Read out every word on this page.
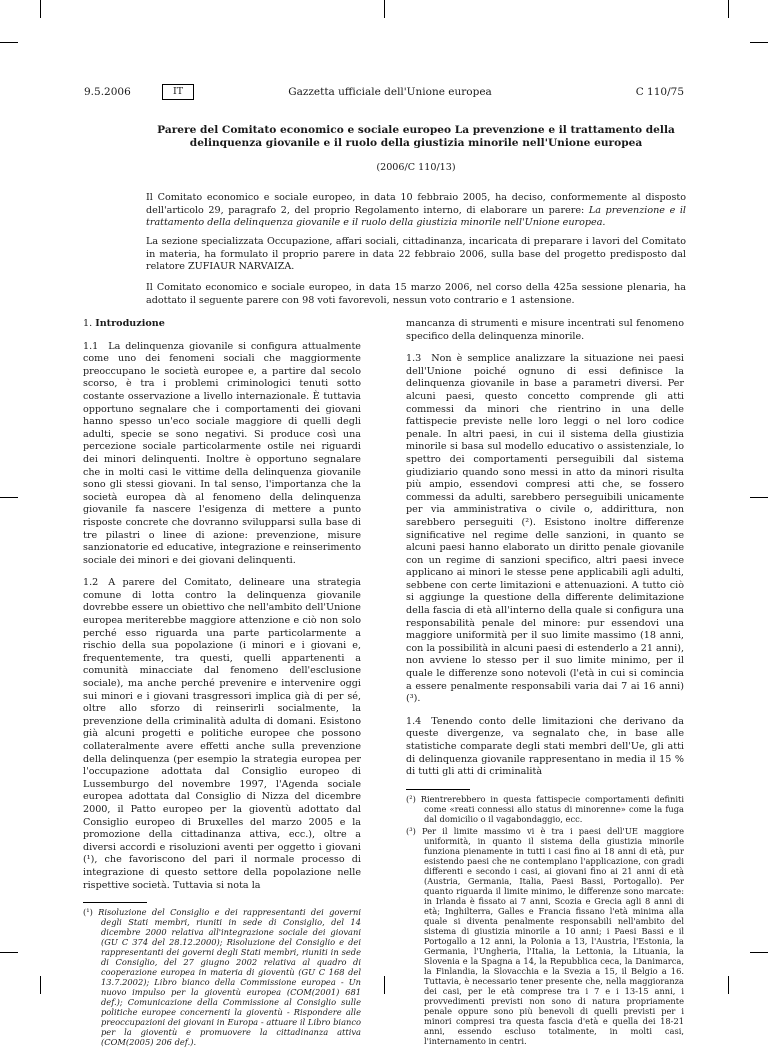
9.5.2006	IT	Gazzetta ufficiale dell'Unione europea	C 110/75
Parere del Comitato economico e sociale europeo La prevenzione e il trattamento della delinquenza giovanile e il ruolo della giustizia minorile nell'Unione europea
(2006/C 110/13)
Il Comitato economico e sociale europeo, in data 10 febbraio 2005, ha deciso, conformemente al disposto dell'articolo 29, paragrafo 2, del proprio Regolamento interno, di elaborare un parere: La prevenzione e il trattamento della delinquenza giovanile e il ruolo della giustizia minorile nell'Unione europea.
La sezione specializzata Occupazione, affari sociali, cittadinanza, incaricata di preparare i lavori del Comitato in materia, ha formulato il proprio parere in data 22 febbraio 2006, sulla base del progetto predisposto dal relatore ZUFIAUR NARVAIZA.
Il Comitato economico e sociale europeo, in data 15 marzo 2006, nel corso della 425a sessione plenaria, ha adottato il seguente parere con 98 voti favorevoli, nessun voto contrario e 1 astensione.
1. Introduzione

1.1 La delinquenza giovanile si configura attualmente come uno dei fenomeni sociali che maggiormente preoccupano le società europee e, a partire dal secolo scorso, è tra i problemi criminologici tenuti sotto costante osservazione a livello internazionale. È tuttavia opportuno segnalare che i comportamenti dei giovani hanno spesso un'eco sociale maggiore di quelli degli adulti, specie se sono negativi. Si produce così una percezione sociale particolarmente ostile nei riguardi dei minori delinquenti. Inoltre è opportuno segnalare che in molti casi le vittime della delinquenza giovanile sono gli stessi giovani. In tal senso, l'importanza che la società europea dà al fenomeno della delinquenza giovanile fa nascere l'esigenza di mettere a punto risposte concrete che dovranno svilupparsi sulla base di tre pilastri o linee di azione: prevenzione, misure sanzionatorie ed educative, integrazione e reinserimento sociale dei minori e dei giovani delinquenti.

1.2 A parere del Comitato, delineare una strategia comune di lotta contro la delinquenza giovanile dovrebbe essere un obiettivo che nell'ambito dell'Unione europea meriterebbe maggiore attenzione e ciò non solo perché esso riguarda una parte particolarmente a rischio della sua popolazione (i minori e i giovani e, frequentemente, tra questi, quelli appartenenti a comunità minacciate dal fenomeno dell'esclusione sociale), ma anche perché prevenire e intervenire oggi sui minori e i giovani trasgressori implica già di per sé, oltre allo sforzo di reinserirli socialmente, la prevenzione della criminalità adulta di domani. Esistono già alcuni progetti e politiche europee che possono collateralmente avere effetti anche sulla prevenzione della delinquenza (per esempio la strategia europea per l'occupazione adottata dal Consiglio europeo di Lussemburgo del novembre 1997, l'Agenda sociale europea adottata dal Consiglio di Nizza del dicembre 2000, il Patto europeo per la gioventù adottato dal Consiglio europeo di Bruxelles del marzo 2005 e la promozione della cittadinanza attiva, ecc.), oltre a diversi accordi e risoluzioni aventi per oggetto i giovani (¹), che favoriscono del pari il normale processo di integrazione di questo settore della popolazione nelle rispettive società. Tuttavia si nota la

(¹) Risoluzione del Consiglio e dei rappresentanti dei governi degli Stati membri, riuniti in sede di Consiglio, del 14 dicembre 2000 relativa all'integrazione sociale dei giovani (GU C 374 del 28.12.2000); Risoluzione del Consiglio e dei rappresentanti dei governi degli Stati membri, riuniti in sede di Consiglio, del 27 giugno 2002 relativa al quadro di cooperazione europea in materia di gioventù (GU C 168 del 13.7.2002); Libro bianco della Commissione europea - Un nuovo impulso per la gioventù europea (COM(2001) 681 def.); Comunicazione della Commissione al Consiglio sulle politiche europee concernenti la gioventù - Rispondere alle preoccupazioni dei giovani in Europa - attuare il Libro bianco per la gioventù e promuovere la cittadinanza attiva (COM(2005) 206 def.).

mancanza di strumenti e misure incentrati sul fenomeno specifico della delinquenza minorile.

1.3 Non è semplice analizzare la situazione nei paesi dell'Unione poiché ognuno di essi definisce la delinquenza giovanile in base a parametri diversi. Per alcuni paesi, questo concetto comprende gli atti commessi da minori che rientrino in una delle fattispecie previste nelle loro leggi o nel loro codice penale. In altri paesi, in cui il sistema della giustizia minorile si basa sul modello educativo o assistenziale, lo spettro dei comportamenti perseguibili dal sistema giudiziario quando sono messi in atto da minori risulta più ampio, essendovi compresi atti che, se fossero commessi da adulti, sarebbero perseguibili unicamente per via amministrativa o civile o, addirittura, non sarebbero perseguiti (²). Esistono inoltre differenze significative nel regime delle sanzioni, in quanto se alcuni paesi hanno elaborato un diritto penale giovanile con un regime di sanzioni specifico, altri paesi invece applicano ai minori le stesse pene applicabili agli adulti, sebbene con certe limitazioni e attenuazioni. A tutto ciò si aggiunge la questione della differente delimitazione della fascia di età all'interno della quale si configura una responsabilità penale del minore: pur essendovi una maggiore uniformità per il suo limite massimo (18 anni, con la possibilità in alcuni paesi di estenderlo a 21 anni), non avviene lo stesso per il suo limite minimo, per il quale le differenze sono notevoli (l'età in cui si comincia a essere penalmente responsabili varia dai 7 ai 16 anni) (³).

1.4 Tenendo conto delle limitazioni che derivano da queste divergenze, va segnalato che, in base alle statistiche comparate degli stati membri dell'Ue, gli atti di delinquenza giovanile rappresentano in media il 15 % di tutti gli atti di criminalità

(²) Rientrerebbero in questa fattispecie comportamenti definiti come «reati connessi allo status di minorenne» come la fuga dal domicilio o il vagabondaggio, ecc.
(³) Per il limite massimo vi è tra i paesi dell'UE maggiore uniformità, in quanto il sistema della giustizia minorile funziona pienamente in tutti i casi fino ai 18 anni di età, pur esistendo paesi che ne contemplano l'applicazione, con gradi differenti e secondo i casi, ai giovani fino ai 21 anni di età (Austria, Germania, Italia, Paesi Bassi, Portogallo). Per quanto riguarda il limite minimo, le differenze sono marcate: in Irlanda è fissato ai 7 anni, Scozia e Grecia agli 8 anni di età; Inghilterra, Galles e Francia fissano l'età minima alla quale si diventa penalmente responsabili nell'ambito del sistema di giustizia minorile a 10 anni; i Paesi Bassi e il Portogallo a 12 anni, la Polonia a 13, l'Austria, l'Estonia, la Germania, l'Ungheria, l'Italia, la Lettonia, la Lituania, la Slovenia e la Spagna a 14, la Repubblica ceca, la Danimarca, la Finlandia, la Slovacchia e la Svezia a 15, il Belgio a 16. Tuttavia, è necessario tener presente che, nella maggioranza dei casi, per le età comprese tra i 7 e i 13-15 anni, i provvedimenti previsti non sono di natura propriamente penale oppure sono più benevoli di quelli previsti per i minori compresi tra questa fascia d'età e quella dei 18-21 anni, essendo escluso totalmente, in molti casi, l'internamento in centri.
